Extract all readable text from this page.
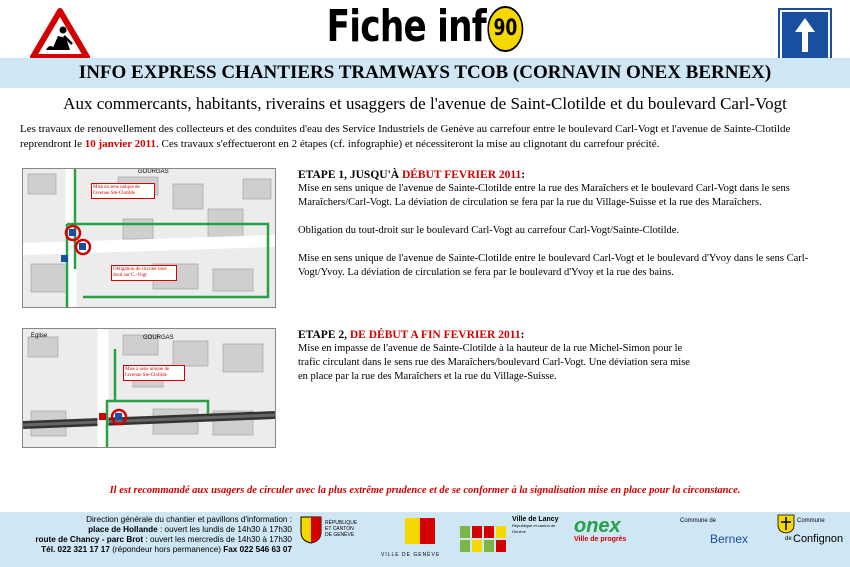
Fiche inf 90
INFO EXPRESS CHANTIERS TRAMWAYS TCOB (CORNAVIN ONEX BERNEX)
Aux commercants, habitants, riverains et usaggers de l'avenue de Saint-Clotilde et du boulevard Carl-Vogt
Les travaux de renouvellement des collecteurs et des conduites d'eau des Service Industriels de Genève au carrefour entre le boulevard Carl-Vogt et l'avenue de Sainte-Clotilde reprendront le 10 janvier 2011. Ces travaux s'effectueront en 2 étapes (cf. infographie) et nécessiteront la mise au clignotant du carrefour précité.
GOURGAS
Mise en sens unique de l'avenue Ste-Clotilde
Obligation de circuler tout-droit sur C.-Vogt
GOURGAS
Eglise
Mise à sens unique de l'avenue Ste-Clotilde

ETAPE 1, JUSQU'À DÉBUT FEVRIER 2011:

Mise en sens unique de l'avenue de Sainte-Clotilde entre la rue des Maraîchers et le boulevard Carl-Vogt dans le sens Maraîchers/Carl-Vogt. La déviation de circulation se fera par la rue du Village-Suisse et la rue des Maraîchers.

Obligation du tout-droit sur le boulevard Carl-Vogt au carrefour Carl-Vogt/Sainte-Clotilde.

Mise en sens unique de l'avenue de Sainte-Clotilde entre le boulevard Carl-Vogt et le boulevard d'Yvoy dans le sens Carl-Vogt/Yvoy. La déviation de circulation se fera par le boulevard d'Yvoy et la rue des bains.

ETAPE 2, DE DÉBUT A FIN FEVRIER 2011:

Mise en impasse de l'avenue de Sainte-Clotilde à la hauteur de la rue Michel-Simon pour le trafic circulant dans le sens rue des Maraîchers/boulevard Carl-Vogt. Une déviation sera mise en place par la rue des Maraîchers et la rue du Village-Suisse.

Il est recommandé aux usagers de circuler avec la plus extrême prudence et de se conformer à la signalisation mise en place pour la circonstance.
Direction générale du chantier et pavillons d'information :
place de Hollande : ouvert les lundis de 14h30 à 17h30
route de Chancy - parc Brot : ouvert les mercredis de 14h30 à 17h30
Tél. 022 321 17 17 (répondeur hors permanence) Fax 022 546 63 07
RÉPUBLIQUE
ET CANTON
DE GENÈVE
VILLE DE GENÈVE
Ville de Lancy
République et canton de Genève	onex
Ville de progrès
Commune de
Bernex
Commune
de Confignon
